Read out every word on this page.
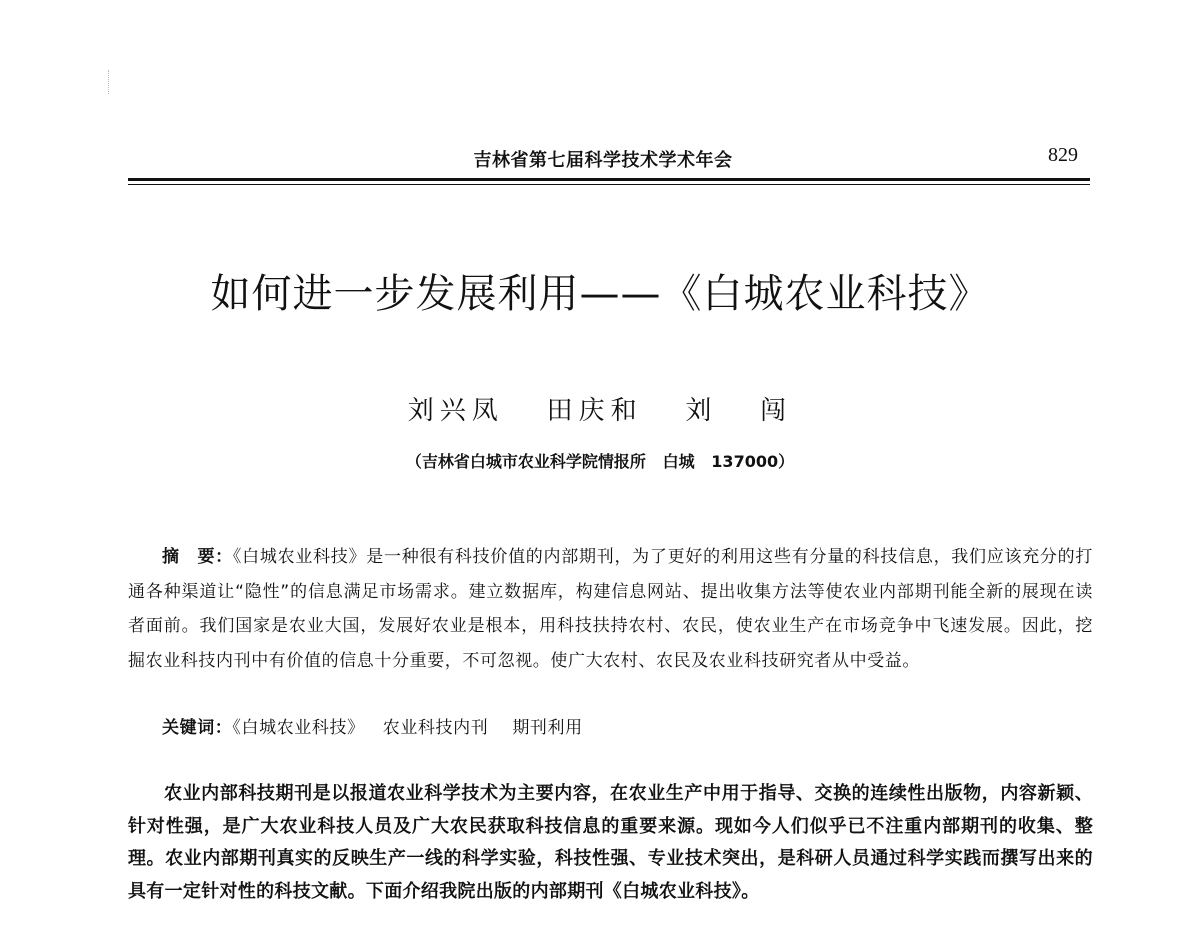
吉林省第七届科学技术学术年会	829
如何进一步发展利用——《白城农业科技》
刘兴凤   田庆和   刘   闯
（吉林省白城市农业科学院情报所   白城   137000）
摘　要：《白城农业科技》是一种很有科技价值的内部期刊，为了更好的利用这些有分量的科技信息，我们应该充分的打通各种渠道让“隐性”的信息满足市场需求。建立数据库，构建信息网站、提出收集方法等使农业内部期刊能全新的展现在读者面前。我们国家是农业大国，发展好农业是根本，用科技扶持农村、农民，使农业生产在市场竞争中飞速发展。因此，挖掘农业科技内刊中有价值的信息十分重要，不可忽视。使广大农村、农民及农业科技研究者从中受益。
关键词：《白城农业科技》   农业科技内刊    期刊利用
农业内部科技期刊是以报道农业科学技术为主要内容，在农业生产中用于指导、交换的连续性出版物，内容新颖、针对性强，是广大农业科技人员及广大农民获取科技信息的重要来源。现如今人们似乎已不注重内部期刊的收集、整理。农业内部期刊真实的反映生产一线的科学实验，科技性强、专业技术突出，是科研人员通过科学实践而撰写出来的具有一定针对性的科技文献。下面介绍我院出版的内部期刊《白城农业科技》。
